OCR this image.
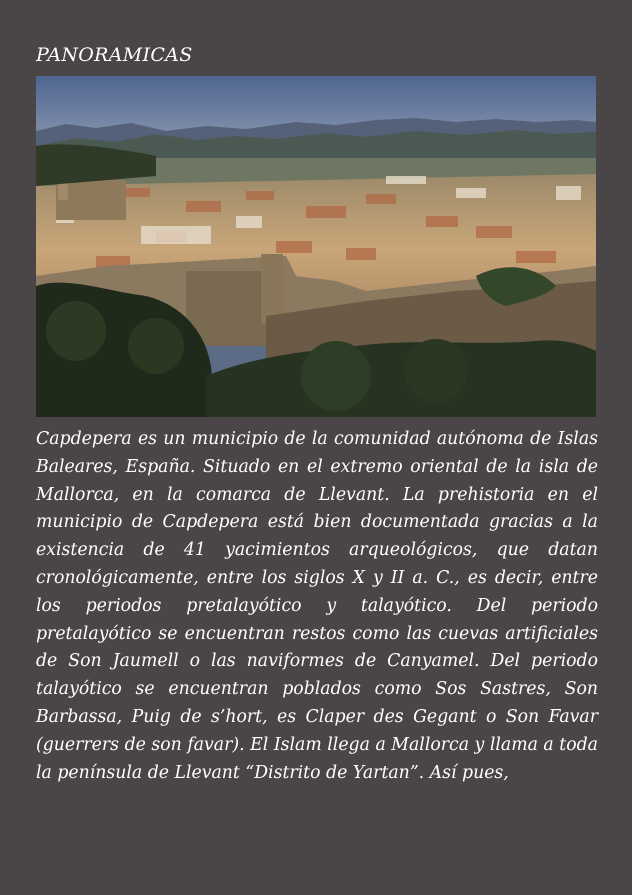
PANORAMICAS

Capdepera es un municipio de la comunidad autónoma de Islas Baleares, España. Situado en el extremo oriental de la isla de Mallorca, en la comarca de Llevant. La prehistoria en el municipio de Capdepera está bien documentada gracias a la existencia de 41 yacimientos arqueológicos, que datan cronológicamente, entre los siglos X y II a. C., es decir, entre los periodos pretalayótico y talayótico. Del periodo pretalayótico se encuentran restos como las cuevas artificiales de Son Jaumell o las naviformes de Canyamel. Del periodo talayótico se encuentran poblados como Sos Sastres, Son Barbassa, Puig de s’hort, es Claper des Gegant o Son Favar (guerrers de son favar). El Islam llega a Mallorca y llama a toda la península de Llevant “Distrito de Yartan”. Así pues,
